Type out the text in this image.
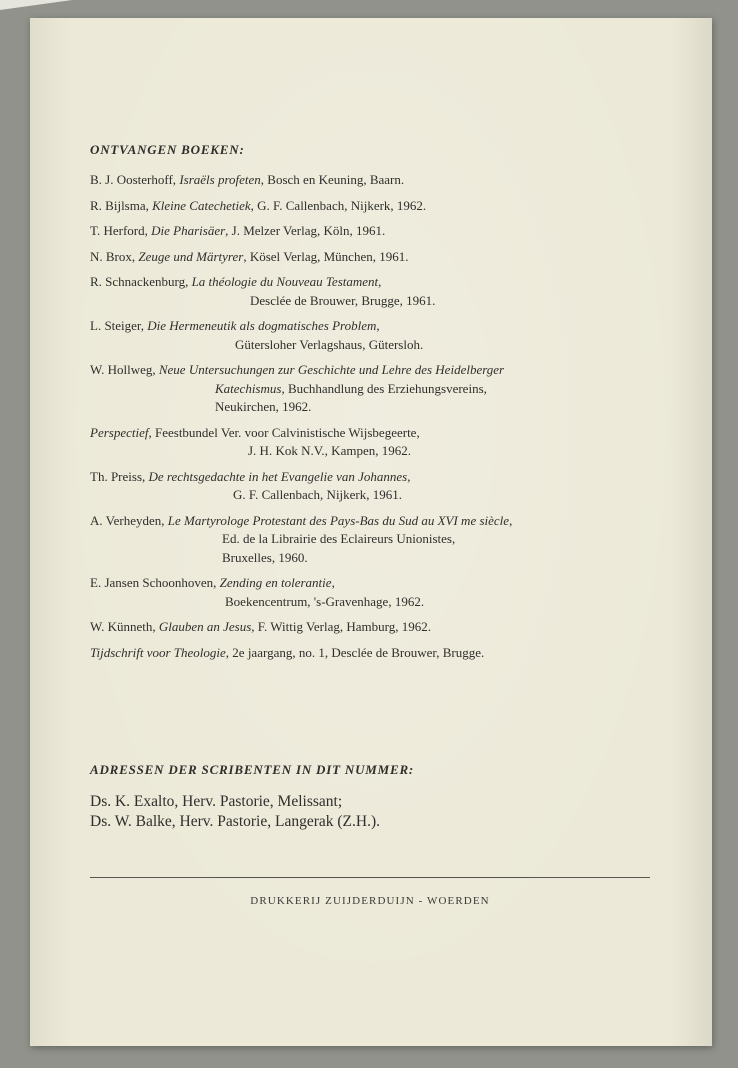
ONTVANGEN BOEKEN:

B. J. Oosterhoff, Israëls profeten, Bosch en Keuning, Baarn.

R. Bijlsma, Kleine Catechetiek, G. F. Callenbach, Nijkerk, 1962.

T. Herford, Die Pharisäer, J. Melzer Verlag, Köln, 1961.

N. Brox, Zeuge und Märtyrer, Kösel Verlag, München, 1961.

R. Schnackenburg, La théologie du Nouveau Testament,
Desclée de Brouwer, Brugge, 1961.

L. Steiger, Die Hermeneutik als dogmatisches Problem,
Gütersloher Verlagshaus, Gütersloh.

W. Hollweg, Neue Untersuchungen zur Geschichte und Lehre des Heidelberger
Katechismus, Buchhandlung des Erziehungsvereins,
Neukirchen, 1962.

Perspectief, Feestbundel Ver. voor Calvinistische Wijsbegeerte,
J. H. Kok N.V., Kampen, 1962.

Th. Preiss, De rechtsgedachte in het Evangelie van Johannes,
G. F. Callenbach, Nijkerk, 1961.

A. Verheyden, Le Martyrologe Protestant des Pays-Bas du Sud au XVI me siècle,
Ed. de la Librairie des Eclaireurs Unionistes,
Bruxelles, 1960.

E. Jansen Schoonhoven, Zending en tolerantie,
Boekencentrum, 's-Gravenhage, 1962.

W. Künneth, Glauben an Jesus, F. Wittig Verlag, Hamburg, 1962.

Tijdschrift voor Theologie, 2e jaargang, no. 1, Desclée de Brouwer, Brugge.

ADRESSEN DER SCRIBENTEN IN DIT NUMMER:

Ds. K. Exalto, Herv. Pastorie, Melissant;

Ds. W. Balke, Herv. Pastorie, Langerak (Z.H.).

DRUKKERIJ ZUIJDERDUIJN - WOERDEN
